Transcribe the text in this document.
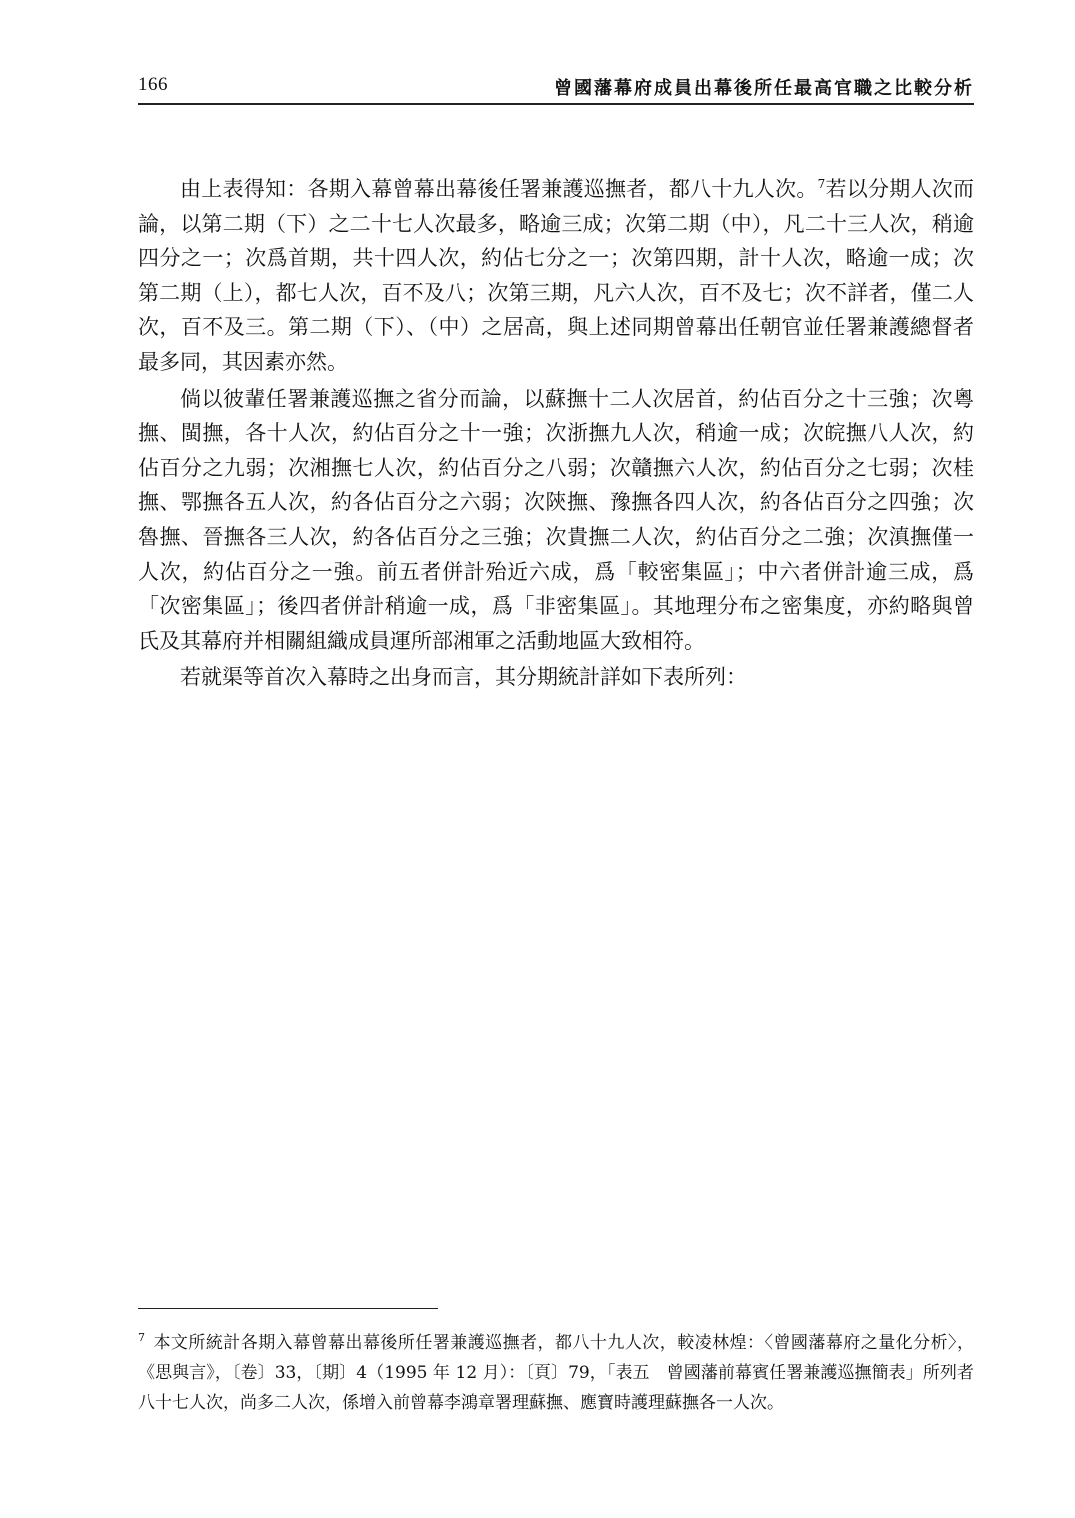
166	曾國藩幕府成員出幕後所任最高官職之比較分析

由上表得知：各期入幕曾幕出幕後任署兼護巡撫者，都八十九人次。$^7$若以分期人次而論，以第二期（下）之二十七人次最多，略逾三成；次第二期（中），凡二十三人次，稍逾四分之一；次爲首期，共十四人次，約佔七分之一；次第四期，計十人次，略逾一成；次第二期（上），都七人次，百不及八；次第三期，凡六人次，百不及七；次不詳者，僅二人次，百不及三。第二期（下）、（中）之居高，與上述同期曾幕出任朝官並任署兼護總督者最多同，其因素亦然。

倘以彼輩任署兼護巡撫之省分而論，以蘇撫十二人次居首，約佔百分之十三強；次粵撫、閩撫，各十人次，約佔百分之十一強；次浙撫九人次，稍逾一成；次皖撫八人次，約佔百分之九弱；次湘撫七人次，約佔百分之八弱；次贛撫六人次，約佔百分之七弱；次桂撫、鄂撫各五人次，約各佔百分之六弱；次陝撫、豫撫各四人次，約各佔百分之四強；次魯撫、晉撫各三人次，約各佔百分之三強；次貴撫二人次，約佔百分之二強；次滇撫僅一人次，約佔百分之一強。前五者併計殆近六成，爲「較密集區」；中六者併計逾三成，爲「次密集區」；後四者併計稍逾一成，爲「非密集區」。其地理分布之密集度，亦約略與曾氏及其幕府并相關組織成員運所部湘軍之活動地區大致相符。

若就渠等首次入幕時之出身而言，其分期統計詳如下表所列：

$^7$ 本文所統計各期入幕曾幕出幕後所任署兼護巡撫者，都八十九人次，較凌林煌：〈曾國藩幕府之量化分析〉，《思與言》，〔卷〕33，〔期〕4（1995 年 12 月）：〔頁〕79，「表五　曾國藩前幕賓任署兼護巡撫簡表」所列者八十七人次，尚多二人次，係增入前曾幕李鴻章署理蘇撫、應寶時護理蘇撫各一人次。
